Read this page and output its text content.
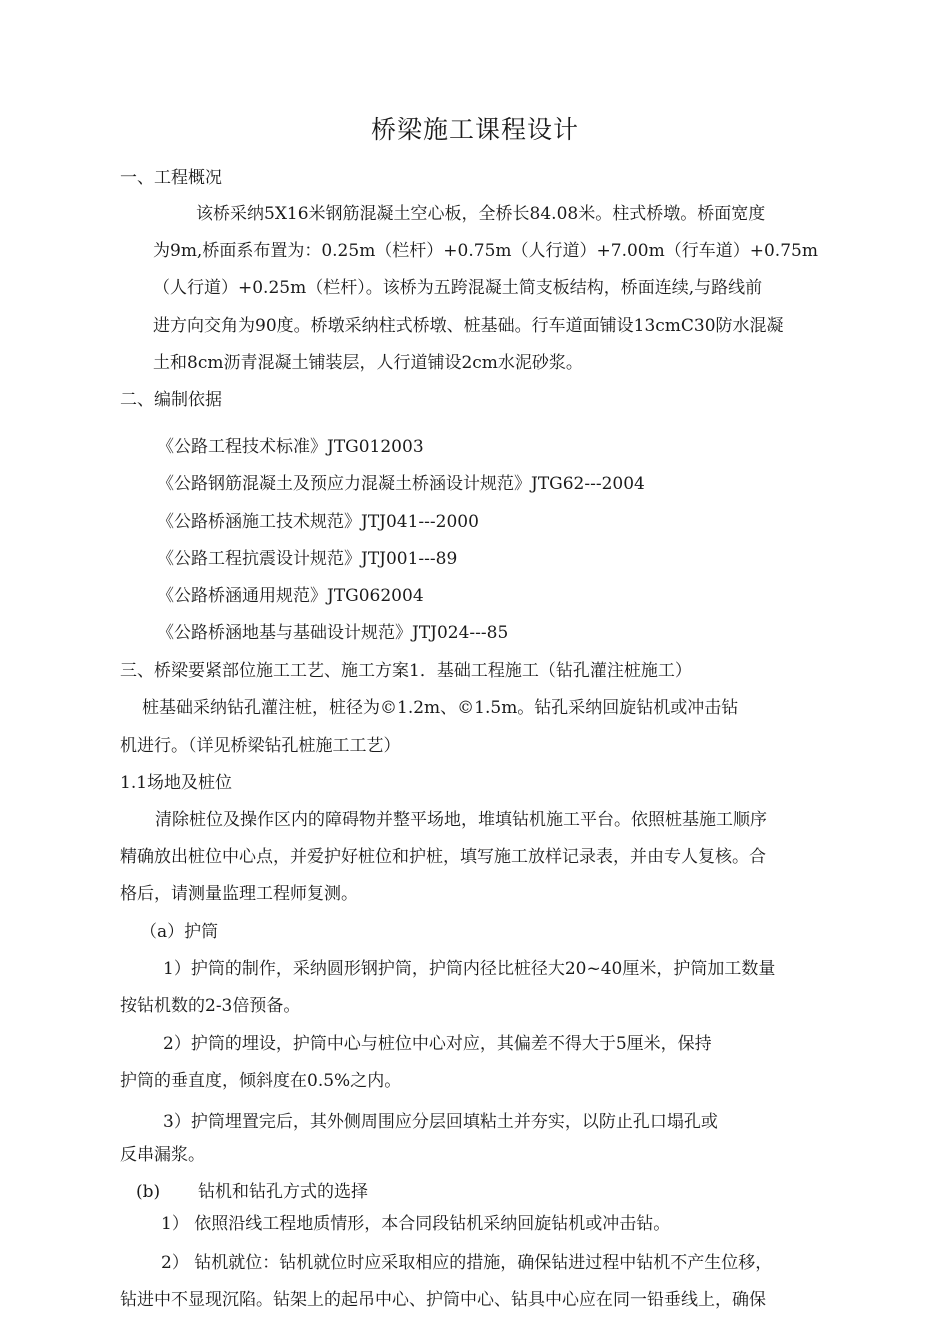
桥梁施工课程设计
一、工程概况
该桥采纳5X16米钢筋混凝土空心板，全桥长84.08米。柱式桥墩。桥面宽度
为9m,桥面系布置为：0.25m（栏杆）+0.75m（人行道）+7.00m（行车道）+0.75m
（人行道）+0.25m（栏杆）。该桥为五跨混凝土简支板结构，桥面连续,与路线前
进方向交角为90度。桥墩采纳柱式桥墩、桩基础。行车道面铺设13cmC30防水混凝
土和8cm沥青混凝土铺装层，人行道铺设2cm水泥砂浆。
二、编制依据
《公路工程技术标准》JTG012003
《公路钢筋混凝土及预应力混凝土桥涵设计规范》JTG62---2004
《公路桥涵施工技术规范》JTJ041---2000
《公路工程抗震设计规范》JTJ001---89
《公路桥涵通用规范》JTG062004
《公路桥涵地基与基础设计规范》JTJ024---85
三、桥梁要紧部位施工工艺、施工方案1．基础工程施工（钻孔灌注桩施工）
桩基础采纳钻孔灌注桩，桩径为©1.2m、©1.5m。钻孔采纳回旋钻机或冲击钻
机进行。（详见桥梁钻孔桩施工工艺）
1.1场地及桩位
清除桩位及操作区内的障碍物并整平场地，堆填钻机施工平台。依照桩基施工顺序
精确放出桩位中心点，并爱护好桩位和护桩，填写施工放样记录表，并由专人复核。合
格后，请测量监理工程师复测。
（a）护筒
1）护筒的制作，采纳圆形钢护筒，护筒内径比桩径大20~40厘米，护筒加工数量
按钻机数的2-3倍预备。
2）护筒的埋设，护筒中心与桩位中心对应，其偏差不得大于5厘米，保持
护筒的垂直度，倾斜度在0.5%之内。
3）护筒埋置完后，其外侧周围应分层回填粘土并夯实，以防止孔口塌孔或
反串漏浆。
(b) 钻机和钻孔方式的选择
1） 依照沿线工程地质情形，本合同段钻机采纳回旋钻机或冲击钻。
2） 钻机就位：钻机就位时应采取相应的措施，确保钻进过程中钻机不产生位移，
钻进中不显现沉陷。钻架上的起吊中心、护筒中心、钻具中心应在同一铅垂线上，确保
